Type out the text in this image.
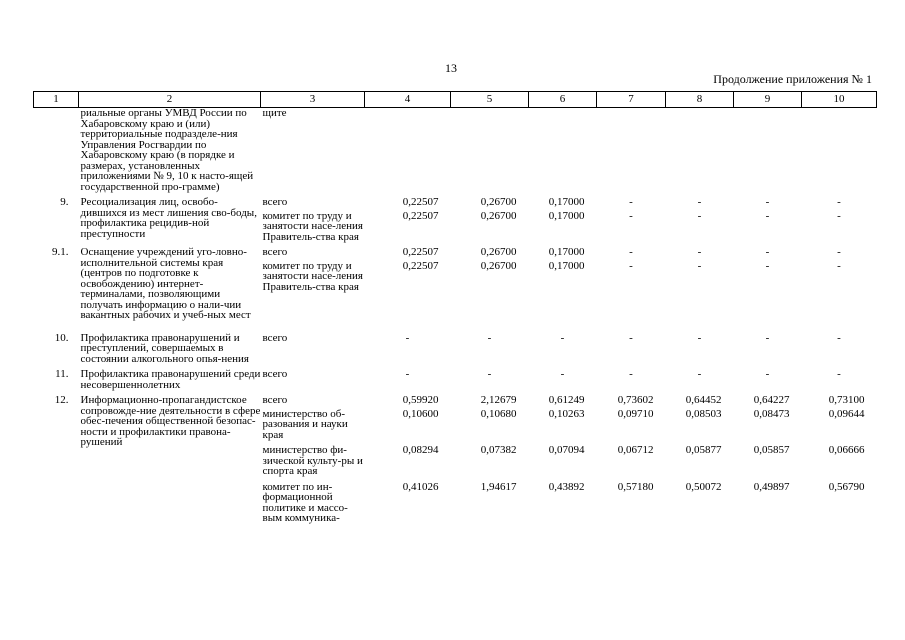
13
Продолжение приложения № 1
1	2	3	4	5	6	7	8	9	10
	риальные органы УМВД России по Хабаровскому краю и (или) территориальные подразделе-ния Управления Росгвардии по Хабаровскому краю (в порядке и размерах, установленных приложениями № 9, 10 к насто-ящей государственной про-грамме)	щите							
9.	Ресоциализация лиц, освобо-дившихся из мест лишения сво-боды, профилактика рецидив-ной преступности	всего	0,22507	0,26700	0,17000	-	-	-	-
		комитет по труду и занятости насе-ления Правитель-ства края	0,22507	0,26700	0,17000	-	-	-	-
9.1.	Оснащение учреждений уго-ловно-исполнительной системы края (центров по подготовке к освобождению) интернет-терминалами, позволяющими получать информацию о нали-чии вакантных рабочих и учеб-ных мест	всего	0,22507	0,26700	0,17000	-	-	-	-
		комитет по труду и занятости насе-ления Правитель-ства края	0,22507	0,26700	0,17000	-	-	-	-
10.	Профилактика правонарушений и преступлений, совершаемых в состоянии алкогольного опья-нения	всего	-	-	-	-	-	-	-
11.	Профилактика правонарушений среди несовершеннолетних	всего	-	-	-	-	-	-	-
12.	Информационно-пропагандистское сопровожде-ние деятельности в сфере обес-печения общественной безопас-ности и профилактики правона-рушений	всего	0,59920	2,12679	0,61249	0,73602	0,64452	0,64227	0,73100
		министерство об-разования и науки края	0,10600	0,10680	0,10263	0,09710	0,08503	0,08473	0,09644
		министерство фи-зической культу-ры и спорта края	0,08294	0,07382	0,07094	0,06712	0,05877	0,05857	0,06666
		комитет по ин-формационной политике и массо-вым коммуника-	0,41026	1,94617	0,43892	0,57180	0,50072	0,49897	0,56790
